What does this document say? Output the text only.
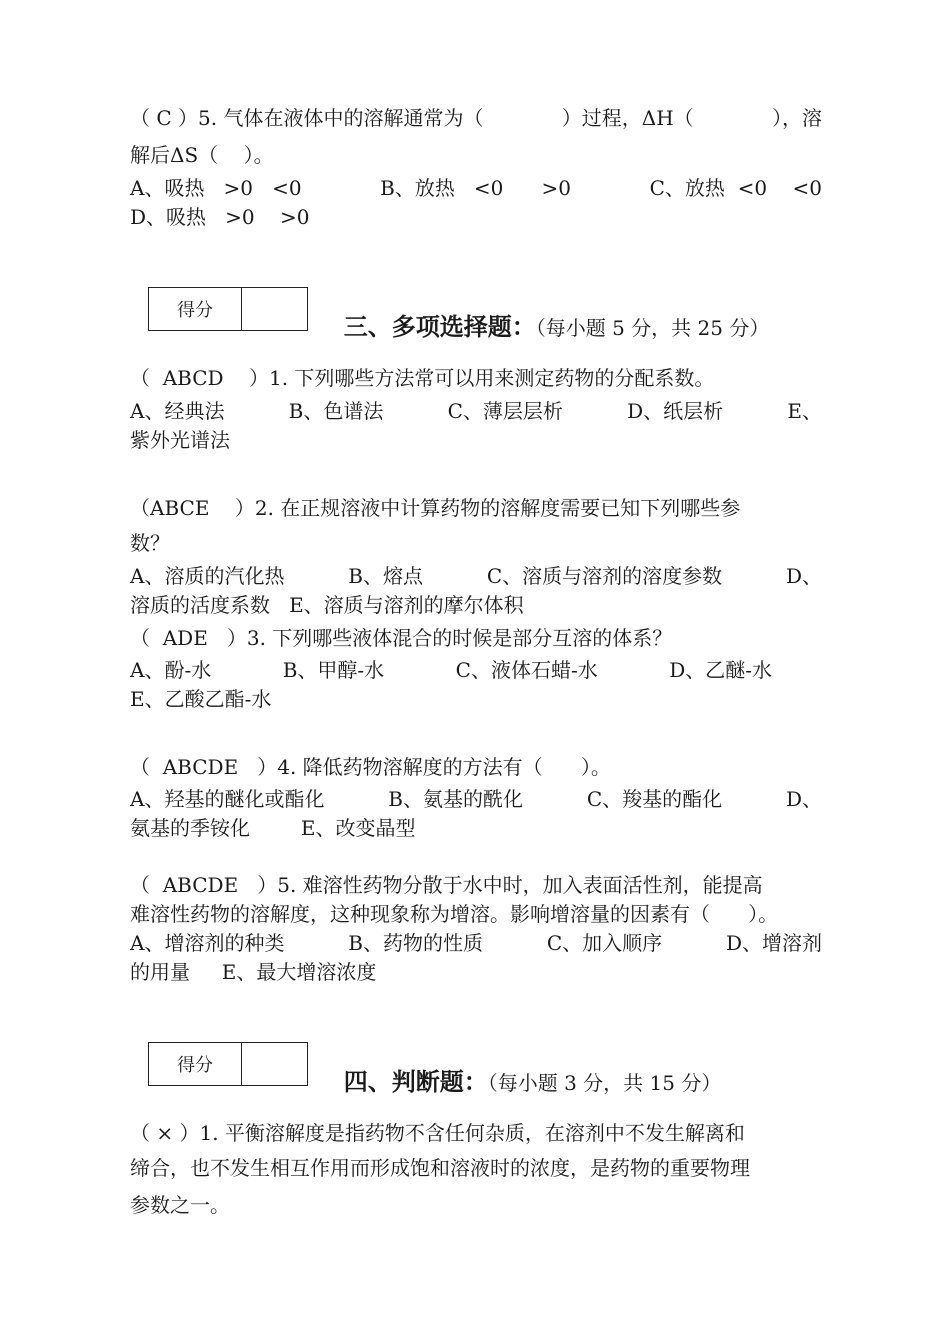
（ C ）5. 气体在液体中的溶解通常为（	）过程，ΔH（	），溶
解后ΔS（    ）。
A、吸热   >0   <0	B、放热   <0      >0	C、放热  <0    <0
D、吸热   >0    >0
得分

三、多项选择题：（每小题 5 分，共 25 分）

（  ABCD    ）1. 下列哪些方法常可以用来测定药物的分配系数。
A、经典法	B、色谱法	C、薄层层析	D、纸层析	E、
紫外光谱法
（ABCE    ）2. 在正规溶液中计算药物的溶解度需要已知下列哪些参
数？
A、溶质的汽化热	B、熔点	C、溶质与溶剂的溶度参数	D、
溶质的活度系数   E、溶质与溶剂的摩尔体积
（  ADE   ）3. 下列哪些液体混合的时候是部分互溶的体系？
A、酚-水	B、甲醇-水	C、液体石蜡-水	D、乙醚-水
E、乙酸乙酯-水
（  ABCDE   ）4. 降低药物溶解度的方法有（      ）。
A、羟基的醚化或酯化	B、氨基的酰化	C、羧基的酯化	D、
氨基的季铵化        E、改变晶型
（  ABCDE   ）5. 难溶性药物分散于水中时，加入表面活性剂，能提高
难溶性药物的溶解度，这种现象称为增溶。影响增溶量的因素有（      ）。
A、增溶剂的种类	B、药物的性质	C、加入顺序	D、增溶剂
的用量     E、最大增溶浓度
得分

四、判断题：（每小题 3 分，共 15 分）

（ × ）1. 平衡溶解度是指药物不含任何杂质，在溶剂中不发生解离和
缔合，也不发生相互作用而形成饱和溶液时的浓度，是药物的重要物理
参数之一。
